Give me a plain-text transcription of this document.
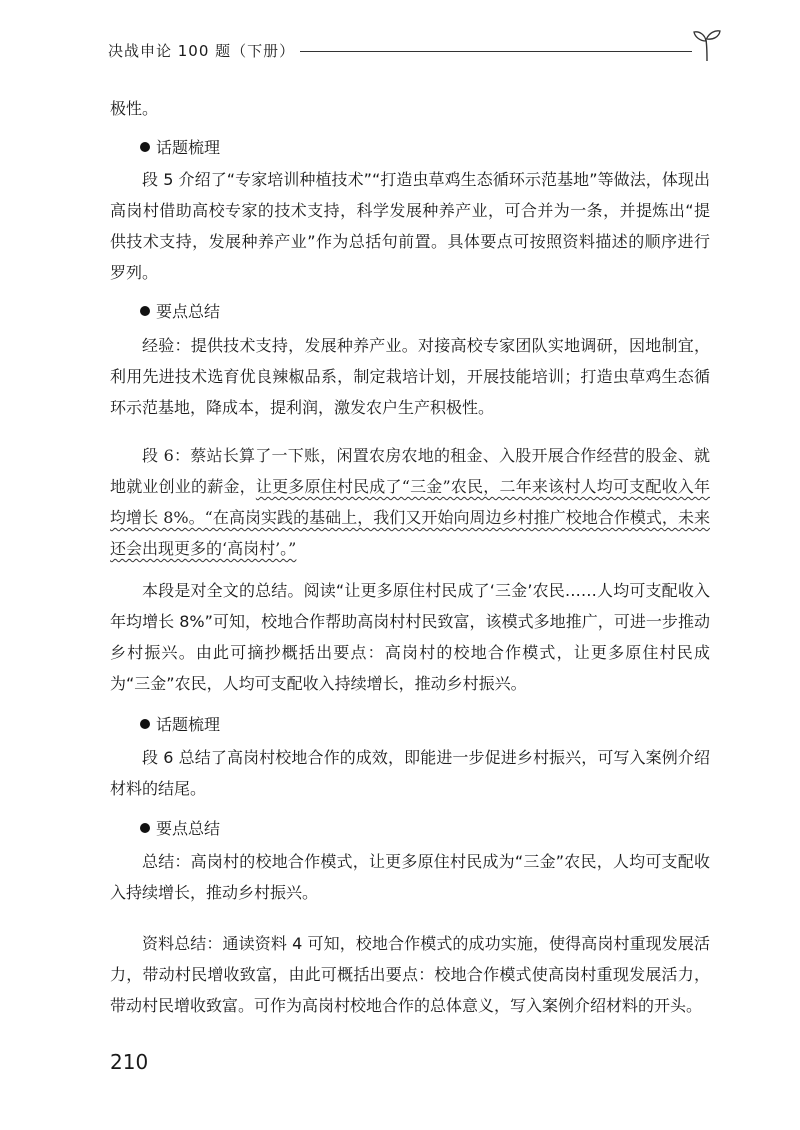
决战申论 100 题（下册）

极性。

话题梳理

段 5 介绍了“专家培训种植技术”“打造虫草鸡生态循环示范基地”等做法，体现出高岗村借助高校专家的技术支持，科学发展种养产业，可合并为一条，并提炼出“提供技术支持，发展种养产业”作为总括句前置。具体要点可按照资料描述的顺序进行罗列。

要点总结

经验：提供技术支持，发展种养产业。对接高校专家团队实地调研，因地制宜，利用先进技术选育优良辣椒品系，制定栽培计划，开展技能培训；打造虫草鸡生态循环示范基地，降成本，提利润，激发农户生产积极性。

段 6：蔡站长算了一下账，闲置农房农地的租金、入股开展合作经营的股金、就地就业创业的薪金，让更多原住村民成了“三金”农民，二年来该村人均可支配收入年均增长 8%。“在高岗实践的基础上，我们又开始向周边乡村推广校地合作模式，未来还会出现更多的‘高岗村’。”

本段是对全文的总结。阅读“让更多原住村民成了‘三金’农民……人均可支配收入年均增长 8%”可知，校地合作帮助高岗村村民致富，该模式多地推广，可进一步推动乡村振兴。由此可摘抄概括出要点：高岗村的校地合作模式，让更多原住村民成为“三金”农民，人均可支配收入持续增长，推动乡村振兴。

话题梳理

段 6 总结了高岗村校地合作的成效，即能进一步促进乡村振兴，可写入案例介绍材料的结尾。

要点总结

总结：高岗村的校地合作模式，让更多原住村民成为“三金”农民，人均可支配收入持续增长，推动乡村振兴。

资料总结：通读资料 4 可知，校地合作模式的成功实施，使得高岗村重现发展活力，带动村民增收致富，由此可概括出要点：校地合作模式使高岗村重现发展活力，带动村民增收致富。可作为高岗村校地合作的总体意义，写入案例介绍材料的开头。

210
